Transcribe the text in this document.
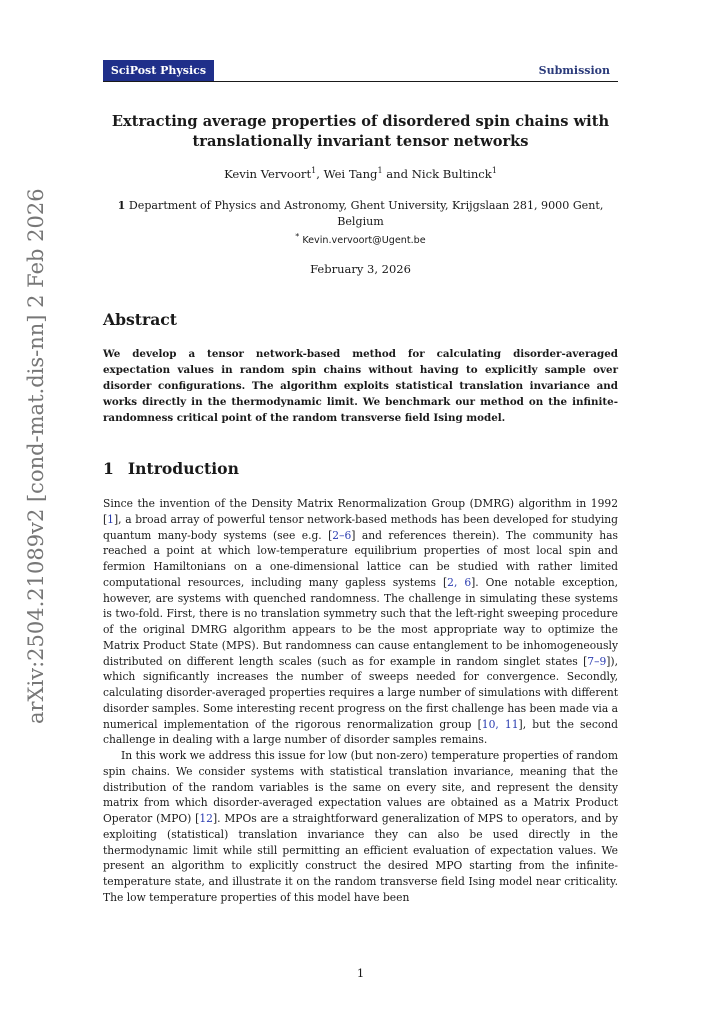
SciPost Physics	Submission
arXiv:2504.21089v2 [cond-mat.dis-nn] 2 Feb 2026
Extracting average properties of disordered spin chains with
translationally invariant tensor networks
Kevin Vervoort$^1$, Wei Tang$^1$ and Nick Bultinck$^1$
1 Department of Physics and Astronomy, Ghent University, Krijgslaan 281, 9000 Gent, Belgium
* Kevin.vervoort@Ugent.be
February 3, 2026
Abstract

We develop a tensor network-based method for calculating disorder-averaged expectation values in random spin chains without having to explicitly sample over disorder configurations. The algorithm exploits statistical translation invariance and works directly in the thermodynamic limit. We benchmark our method on the infinite-randomness critical point of the random transverse field Ising model.

1 Introduction

Since the invention of the Density Matrix Renormalization Group (DMRG) algorithm in 1992 [1], a broad array of powerful tensor network-based methods has been developed for studying quantum many-body systems (see e.g. [2–6] and references therein). The community has reached a point at which low-temperature equilibrium properties of most local spin and fermion Hamiltonians on a one-dimensional lattice can be studied with rather limited computational resources, including many gapless systems [2, 6]. One notable exception, however, are systems with quenched randomness. The challenge in simulating these systems is two-fold. First, there is no translation symmetry such that the left-right sweeping procedure of the original DMRG algorithm appears to be the most appropriate way to optimize the Matrix Product State (MPS). But randomness can cause entanglement to be inhomogeneously distributed on different length scales (such as for example in random singlet states [7–9]), which significantly increases the number of sweeps needed for convergence. Secondly, calculating disorder-averaged properties requires a large number of simulations with different disorder samples. Some interesting recent progress on the first challenge has been made via a numerical implementation of the rigorous renormalization group [10, 11], but the second challenge in dealing with a large number of disorder samples remains.

In this work we address this issue for low (but non-zero) temperature properties of random spin chains. We consider systems with statistical translation invariance, meaning that the distribution of the random variables is the same on every site, and represent the density matrix from which disorder-averaged expectation values are obtained as a Matrix Product Operator (MPO) [12]. MPOs are a straightforward generalization of MPS to operators, and by exploiting (statistical) translation invariance they can also be used directly in the thermodynamic limit while still permitting an efficient evaluation of expectation values. We present an algorithm to explicitly construct the desired MPO starting from the infinite-temperature state, and illustrate it on the random transverse field Ising model near criticality. The low temperature properties of this model have been

1
